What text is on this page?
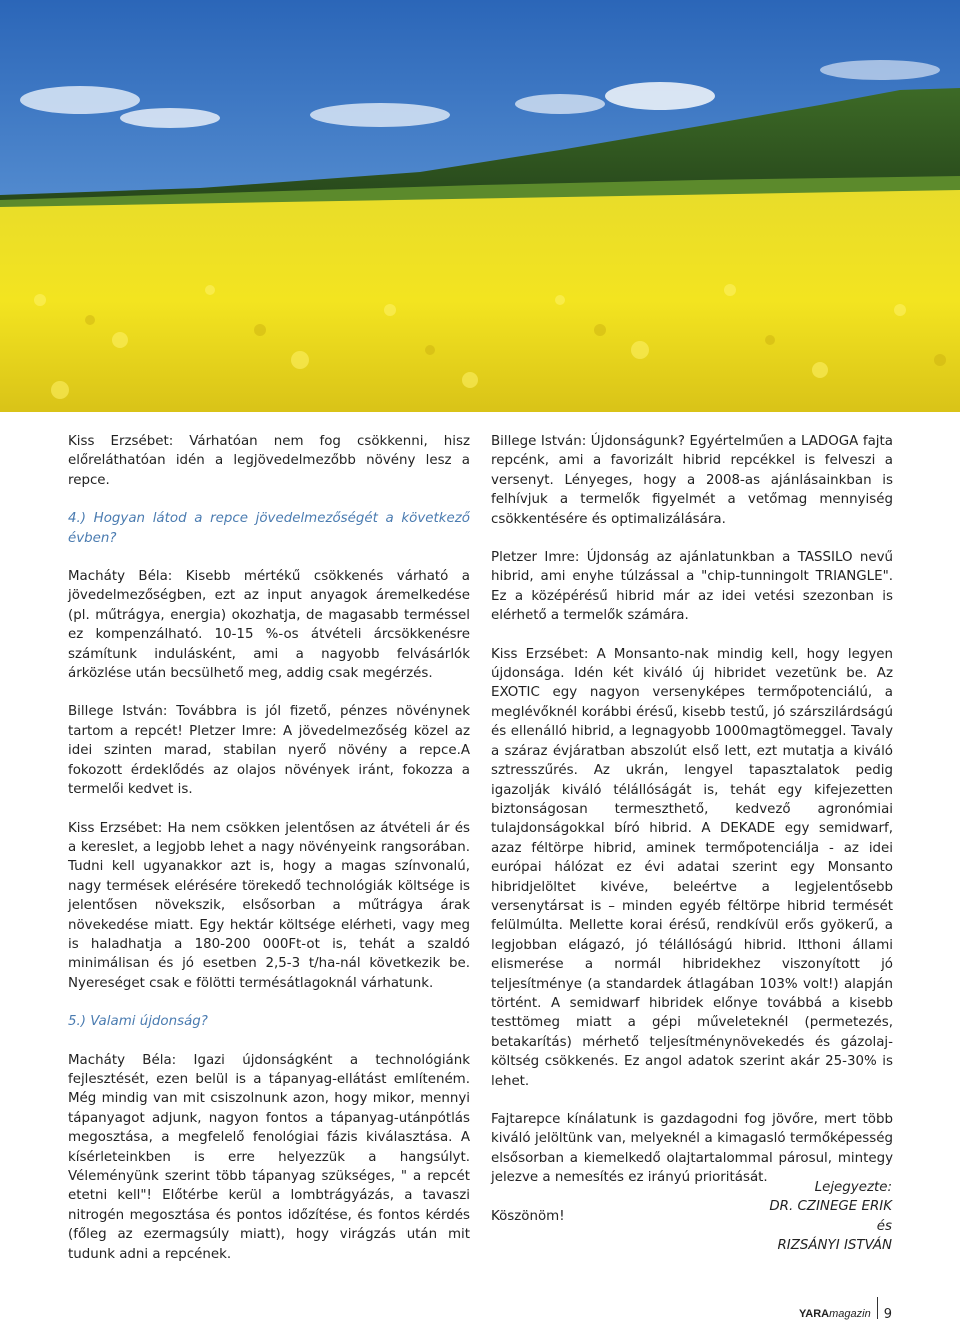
Kiss Erzsébet: Várhatóan nem fog csökkenni, hisz előreláthatóan idén a legjövedelmezőbb növény lesz a repce.

4.) Hogyan látod a repce jövedelmezőségét a következő évben?

Macháty Béla: Kisebb mértékű csökkenés várható a jövedelmezőségben, ezt az input anyagok áremelkedése (pl. műtrágya, energia) okozhatja, de magasabb terméssel ez kompenzálható. 10-15 %-os átvételi árcsökkenésre számítunk indulásként, ami a nagyobb felvásárlók árközlése után becsülhető meg, addig csak megérzés.

Billege István: Továbbra is jól fizető, pénzes növénynek tartom a repcét! Pletzer Imre: A jövedelmezőség közel az idei szinten marad, stabilan nyerő növény a repce.A fokozott érdeklődés az olajos növények iránt, fokozza a termelői kedvet is.

Kiss Erzsébet: Ha nem csökken jelentősen az átvételi ár és a kereslet, a legjobb lehet a nagy növényeink rangsorában. Tudni kell ugyanakkor azt is, hogy a magas színvonalú, nagy termések elérésére törekedő technológiák költsége is jelentősen növekszik, elsősorban a műtrágya árak növekedése miatt. Egy hektár költsége elérheti, vagy meg is haladhatja a 180-200 000Ft-ot is, tehát a szaldó minimálisan és jó esetben 2,5-3 t/ha-nál következik be. Nyereséget csak e fölötti termésátlagoknál várhatunk.

5.) Valami újdonság?

Macháty Béla: Igazi újdonságként a technológiánk fejlesztését, ezen belül is a tápanyag-ellátást említeném. Még mindig van mit csiszolnunk azon, hogy mikor, mennyi tápanyagot adjunk, nagyon fontos a tápanyag-utánpótlás megosztása, a megfelelő fenológiai fázis kiválasztása. A kísérleteinkben is erre helyezzük a hangsúlyt. Véleményünk szerint több tápanyag szükséges, " a repcét etetni kell"! Előtérbe kerül a lombtrágyázás, a tavaszi nitrogén megosztása és pontos időzítése, és fontos kérdés (főleg az ezermagsúly miatt), hogy virágzás után mit tudunk adni a repcének.

Billege István: Újdonságunk? Egyértelműen a LADOGA fajta repcénk, ami a favorizált hibrid repcékkel is felveszi a versenyt. Lényeges, hogy a 2008-as ajánlásainkban is felhívjuk a termelők figyelmét a vetőmag mennyiség csökkentésére és optimalizálására.

Pletzer Imre: Újdonság az ajánlatunkban a TASSILO nevű hibrid, ami enyhe túlzással a "chip-tunningolt TRIANGLE". Ez a középérésű hibrid már az idei vetési szezonban is elérhető a termelők számára.

Kiss Erzsébet: A Monsanto-nak mindig kell, hogy legyen újdonsága. Idén két kiváló új hibridet vezetünk be. Az EXOTIC egy nagyon versenyképes termőpotenciálú, a meglévőknél korábbi érésű, kisebb testű, jó szárszilárdságú és ellenálló hibrid, a legnagyobb 1000magtömeggel. Tavaly a száraz évjáratban abszolút első lett, ezt mutatja a kiváló sztresszűrés. Az ukrán, lengyel tapasztalatok pedig igazolják kiváló télállóságát is, tehát egy kifejezetten biztonságosan termeszthető, kedvező agronómiai tulajdonságokkal bíró hibrid. A DEKADE egy semidwarf, azaz féltörpe hibrid, aminek termőpotenciálja - az idei európai hálózat ez évi adatai szerint egy Monsanto hibridjelöltet kivéve, beleértve a legjelentősebb versenytársat is – minden egyéb féltörpe hibrid termését felülmúlta. Mellette korai érésű, rendkívül erős gyökerű, a legjobban elágazó, jó télállóságú hibrid. Itthoni állami elismerése a normál hibridekhez viszonyított jó teljesítménye (a standardek átlagában 103% volt!) alapján történt. A semidwarf hibridek előnye továbbá a kisebb testtömeg miatt a gépi műveleteknél (permetezés, betakarítás) mérhető teljesítménynövekedés és gázolaj-költség csökkenés. Ez angol adatok szerint akár 25-30% is lehet.

Fajtarepce kínálatunk is gazdagodni fog jövőre, mert több kiváló jelöltünk van, melyeknél a kimagasló termőképesség elsősorban a kiemelkedő olajtartalommal párosul, mintegy jelezve a nemesítés ez irányú prioritását.

Köszönöm!

Lejegyezte:
DR. CZINEGE ERIK
és
RIZSÁNYI ISTVÁN
YARA magazin 9
